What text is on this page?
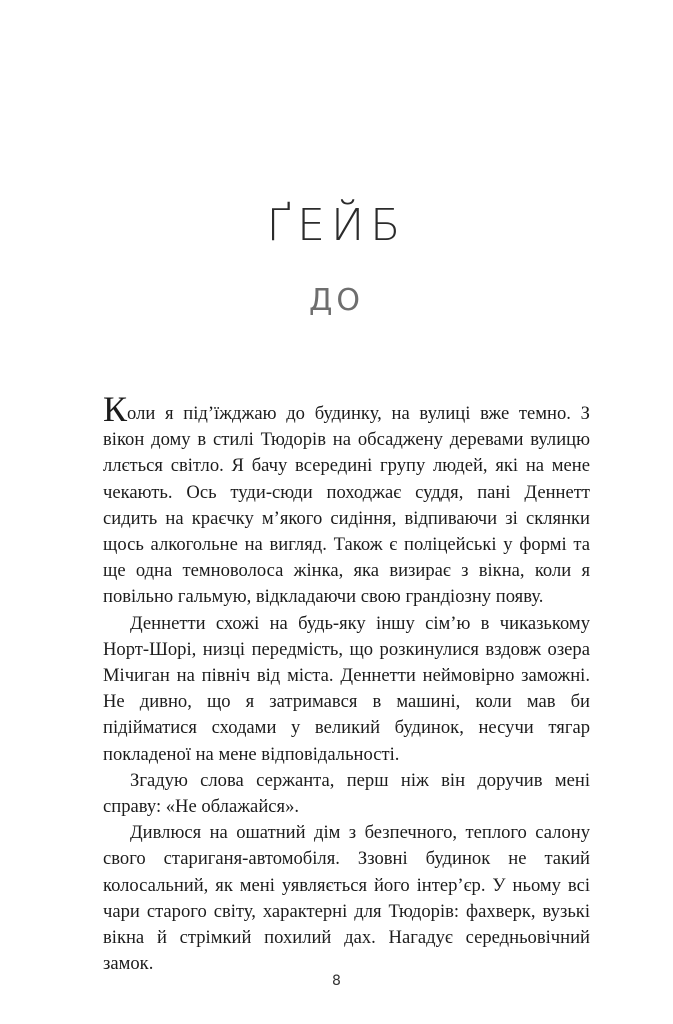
ҐЕЙБ
ДО

Коли я під’їжджаю до будинку, на вулиці вже темно. З вікон дому в стилі Тюдорів на обсаджену деревами вулицю ллється світло. Я бачу всередині групу людей, які на мене чекають. Ось туди-сюди походжає суддя, пані Деннетт сидить на краєчку м’якого сидіння, відпиваючи зі склянки щось алкогольне на вигляд. Також є поліцейські у формі та ще одна темноволоса жінка, яка визирає з вікна, коли я повільно гальмую, відкладаючи свою грандіозну появу.

Деннетти схожі на будь-яку іншу сім’ю в чиказькому Норт-Шорі, низці передмість, що розкинулися вздовж озера Мічиган на північ від міста. Деннетти неймовірно заможні. Не дивно, що я затримався в машині, коли мав би підійматися сходами у великий будинок, несучи тягар покладеної на мене відповідальності.

Згадую слова сержанта, перш ніж він доручив мені справу: «Не облажайся».

Дивлюся на ошатний дім з безпечного, теплого салону свого стариганя-автомобіля. Ззовні будинок не такий колосальний, як мені уявляється його інтер’єр. У ньому всі чари старого світу, характерні для Тюдорів: фахверк, вузькі вікна й стрімкий похилий дах. Нагадує середньовічний замок.

8
